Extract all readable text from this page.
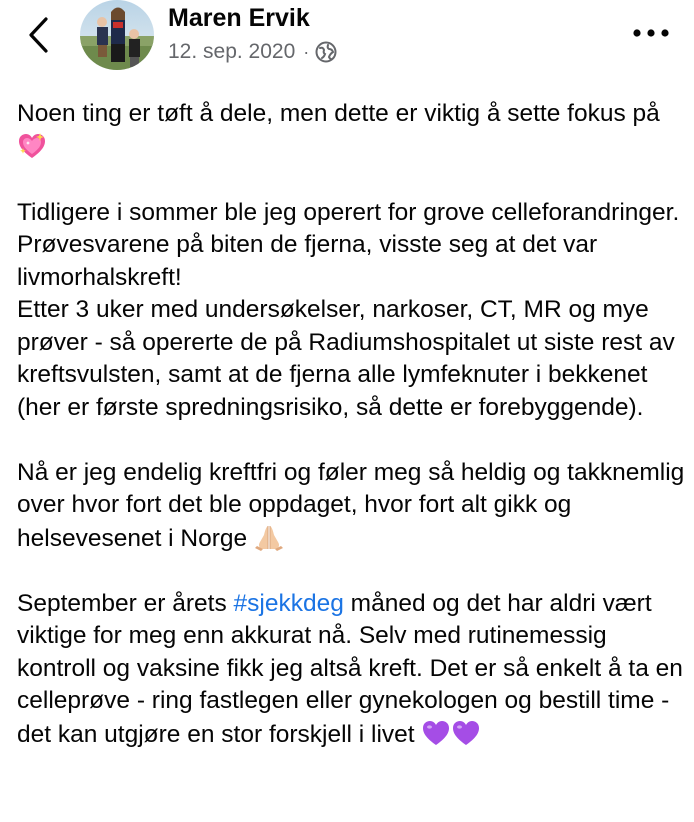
Maren Ervik
12. sep. 2020 ·

Noen ting er tøft å dele, men dette er viktig å sette fokus på

Tidligere i sommer ble jeg operert for grove celleforandringer. Prøvesvarene på biten de fjerna, visste seg at det var livmorhalskreft!
Etter 3 uker med undersøkelser, narkoser, CT, MR og mye prøver - så opererte de på Radiumshospitalet ut siste rest av kreftsvulsten, samt at de fjerna alle lymfeknuter i bekkenet (her er første spredningsrisiko, så dette er forebyggende).

Nå er jeg endelig kreftfri og føler meg så heldig og takknemlig over hvor fort det ble oppdaget, hvor fort alt gikk og helsevesenet i Norge

September er årets #sjekkdeg måned og det har aldri vært viktige for meg enn akkurat nå. Selv med rutinemessig kontroll og vaksine fikk jeg altså kreft. Det er så enkelt å ta en celleprøve - ring fastlegen eller gynekologen og bestill time - det kan utgjøre en stor forskjell i livet
